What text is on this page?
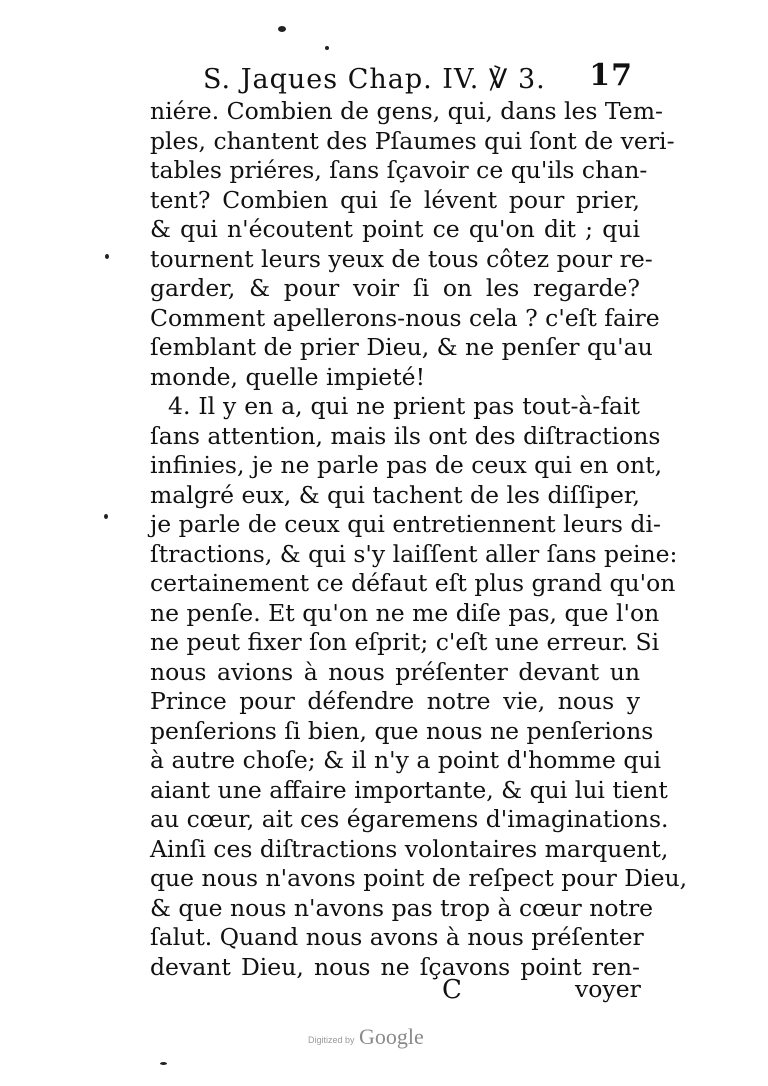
S. Jaques Chap. IV. ℣ 3. 17
niére. Combien de gens, qui, dans les Tem-
ples, chantent des Pſaumes qui ſont de veri-
tables priéres, ſans ſçavoir ce qu'ils chan-
tent? Combien qui ſe lévent pour prier,
& qui n'écoutent point ce qu'on dit ; qui
tournent leurs yeux de tous côtez pour re-
garder, & pour voir ſi on les regarde?
Comment apellerons-nous cela ? c'eſt faire
ſemblant de prier Dieu, & ne penſer qu'au
monde, quelle impieté!
4. Il y en a, qui ne prient pas tout-à-fait
ſans attention, mais ils ont des diſtractions
infinies, je ne parle pas de ceux qui en ont,
malgré eux, & qui tachent de les diſſiper,
je parle de ceux qui entretiennent leurs di-
ſtractions, & qui s'y laiſſent aller ſans peine:
certainement ce défaut eſt plus grand qu'on
ne penſe. Et qu'on ne me diſe pas, que l'on
ne peut fixer ſon eſprit; c'eſt une erreur. Si
nous avions à nous préſenter devant un
Prince pour défendre notre vie, nous y
penſerions ſi bien, que nous ne penſerions
à autre choſe; & il n'y a point d'homme qui
aiant une affaire importante, & qui lui tient
au cœur, ait ces égaremens d'imaginations.
Ainſi ces diſtractions volontaires marquent,
que nous n'avons point de reſpect pour Dieu,
& que nous n'avons pas trop à cœur notre
ſalut. Quand nous avons à nous préſenter
devant Dieu, nous ne ſçavons point ren-
C	voyer
Digitized by Google
